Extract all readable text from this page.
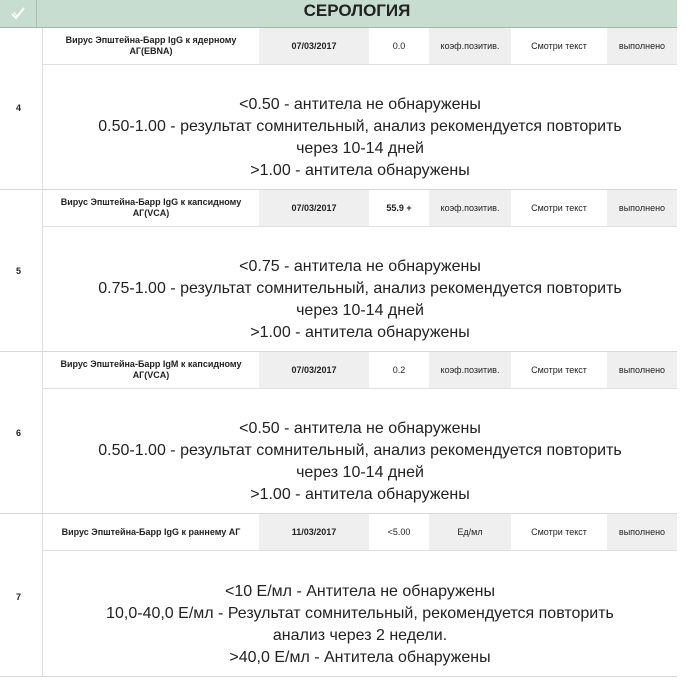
СЕРОЛОГИЯ
4
Вирус Эпштейна-Барр IgG к ядерному АГ(EBNA)	07/03/2017	0.0	коэф.позитив.	Смотри текст	выполнено
<0.50 - антитела не обнаружены
0.50-1.00 - результат сомнительный, анализ рекомендуется повторить
через 10-14 дней
>1.00 - антитела обнаружены
5
Вирус Эпштейна-Барр IgG к капсидному АГ(VCA)	07/03/2017	55.9 +	коэф.позитив.	Смотри текст	выполнено
<0.75 - антитела не обнаружены
0.75-1.00 - результат сомнительный, анализ рекомендуется повторить
через 10-14 дней
>1.00 - антитела обнаружены
6
Вирус Эпштейна-Барр IgM к капсидному АГ(VCA)	07/03/2017	0.2	коэф.позитив.	Смотри текст	выполнено
<0.50 - антитела не обнаружены
0.50-1.00 - результат сомнительный, анализ рекомендуется повторить
через 10-14 дней
>1.00 - антитела обнаружены
7
Вирус Эпштейна-Барр IgG к раннему АГ	11/03/2017	<5.00	Ед/мл	Смотри текст	выполнено
<10 Е/мл - Антитела не обнаружены
10,0-40,0 Е/мл - Результат сомнительный, рекомендуется повторить
анализ через 2 недели.
>40,0 Е/мл - Антитела обнаружены
